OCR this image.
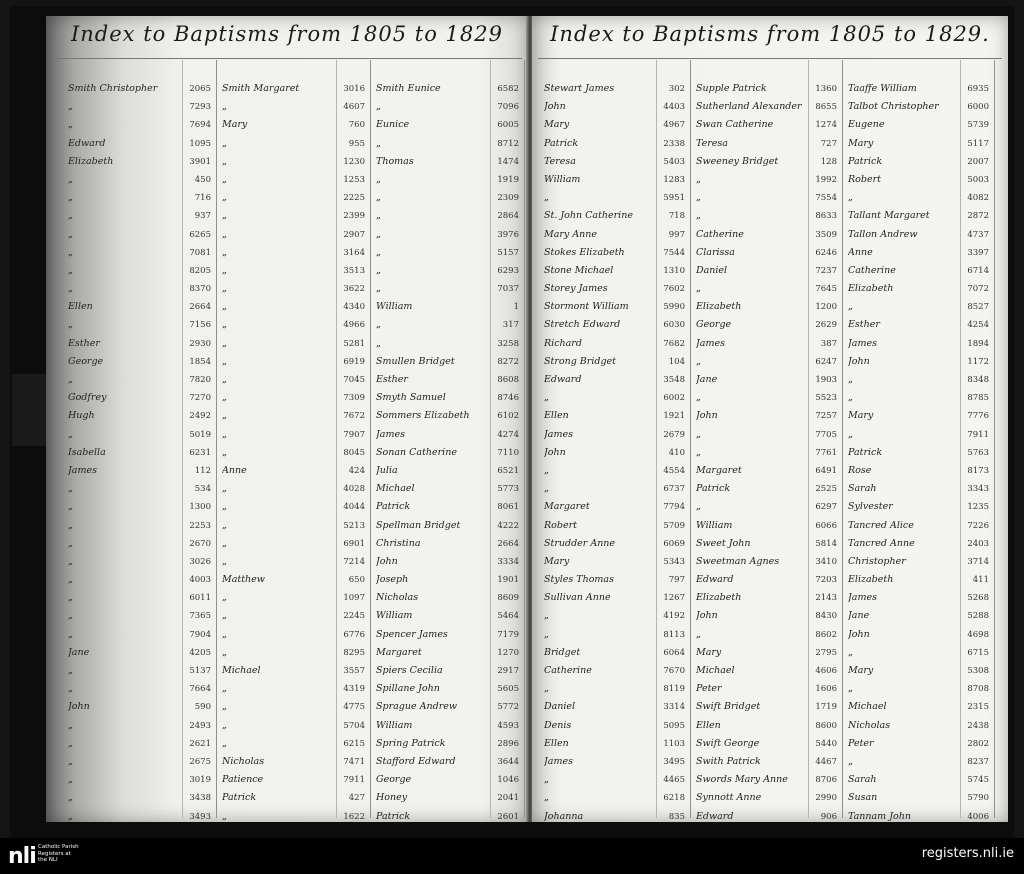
Index to Baptisms from 1805 to 1829
Smith Christopher	2065
„	7293
„	7694
Edward	1095
Elizabeth	3901
„	450
„	716
„	937
„	6265
„	7081
„	8205
„	8370
Ellen	2664
„	7156
Esther	2930
George	1854
„	7820
Godfrey	7270
Hugh	2492
„	5019
Isabella	6231
James	112
„	534
„	1300
„	2253
„	2670
„	3026
„	4003
„	6011
„	7365
„	7904
Jane	4205
„	5137
„	7664
John	590
„	2493
„	2621
„	2675
„	3019
„	3438
„	3493
Smith Margaret	3016
„	4607
Mary	760
„	955
„	1230
„	1253
„	2225
„	2399
„	2907
„	3164
„	3513
„	3622
„	4340
„	4966
„	5281
„	6919
„	7045
„	7309
„	7672
„	7907
„	8045
Anne	424
„	4028
„	4044
„	5213
„	6901
„	7214
Matthew	650
„	1097
„	2245
„	6776
„	8295
Michael	3557
„	4319
„	4775
„	5704
„	6215
Nicholas	7471
Patience	7911
Patrick	427
„	1622
Smith Eunice	6582
„	7096
Eunice	6005
„	8712
Thomas	1474
„	1919
„	2309
„	2864
„	3976
„	5157
„	6293
„	7037
William	1
„	317
„	3258
Smullen Bridget	8272
Esther	8608
Smyth Samuel	8746
Sommers Elizabeth	6102
James	4274
Sonan Catherine	7110
Julia	6521
Michael	5773
Patrick	8061
Spellman Bridget	4222
Christina	2664
John	3334
Joseph	1901
Nicholas	8609
William	5464
Spencer James	7179
Margaret	1270
Spiers Cecilia	2917
Spillane John	5605
Sprague Andrew	5772
William	4593
Spring Patrick	2896
Stafford Edward	3644
George	1046
Honey	2041
Patrick	2601
Index to Baptisms from 1805 to 1829.
Stewart James	302
John	4403
Mary	4967
Patrick	2338
Teresa	5403
William	1283
„	5951
St. John Catherine	718
Mary Anne	997
Stokes Elizabeth	7544
Stone Michael	1310
Storey James	7602
Stormont William	5990
Stretch Edward	6030
Richard	7682
Strong Bridget	104
Edward	3548
„	6002
Ellen	1921
James	2679
John	410
„	4554
„	6737
Margaret	7794
Robert	5709
Strudder Anne	6069
Mary	5343
Styles Thomas	797
Sullivan Anne	1267
„	4192
„	8113
Bridget	6064
Catherine	7670
„	8119
Daniel	3314
Denis	5095
Ellen	1103
James	3495
„	4465
„	6218
Johanna	835
Supple Patrick	1360
Sutherland Alexander	8655
Swan Catherine	1274
Teresa	727
Sweeney Bridget	128
„	1992
„	7554
„	8633
Catherine	3509
Clarissa	6246
Daniel	7237
„	7645
Elizabeth	1200
George	2629
James	387
„	6247
Jane	1903
„	5523
John	7257
„	7705
„	7761
Margaret	6491
Patrick	2525
„	6297
William	6066
Sweet John	5814
Sweetman Agnes	3410
Edward	7203
Elizabeth	2143
John	8430
„	8602
Mary	2795
Michael	4606
Peter	1606
Swift Bridget	1719
Ellen	8600
Swift George	5440
Swith Patrick	4467
Swords Mary Anne	8706
Synnott Anne	2990
Edward	906
Taaffe William	6935
Talbot Christopher	6000
Eugene	5739
Mary	5117
Patrick	2007
Robert	5003
„	4082
Tallant Margaret	2872
Tallon Andrew	4737
Anne	3397
Catherine	6714
Elizabeth	7072
„	8527
Esther	4254
James	1894
John	1172
„	8348
„	8785
Mary	7776
„	7911
Patrick	5763
Rose	8173
Sarah	3343
Sylvester	1235
Tancred Alice	7226
Tancred Anne	2403
Christopher	3714
Elizabeth	411
James	5268
Jane	5288
John	4698
„	6715
Mary	5308
„	8708
Michael	2315
Nicholas	2438
Peter	2802
„	8237
Sarah	5745
Susan	5790
Tannam John	4006
nli Catholic Parish
Registers at
the NLI	registers.nli.ie
